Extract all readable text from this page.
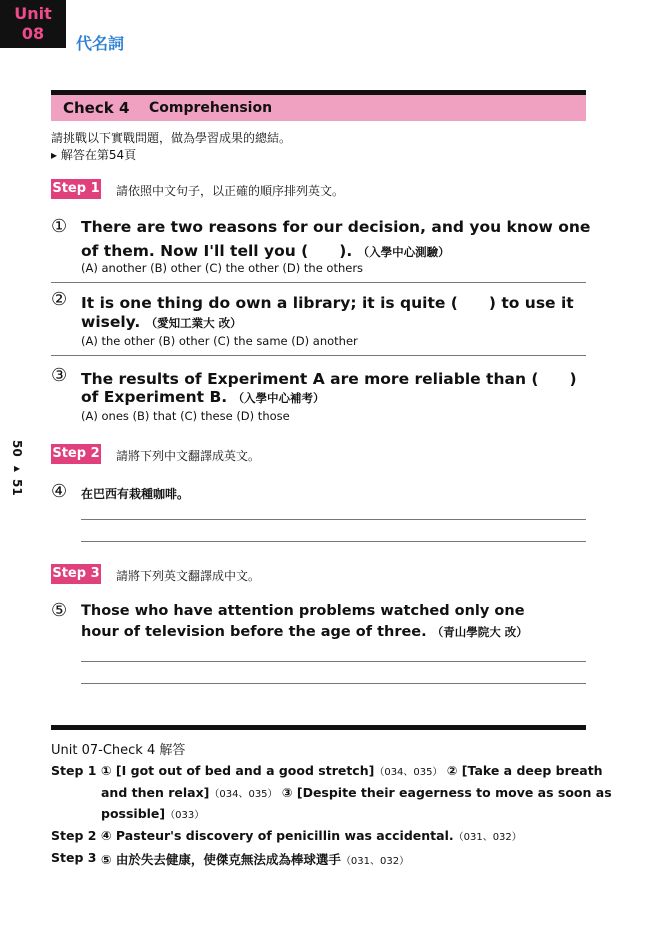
Unit
08
代名詞
Check 4 Comprehension
請挑戰以下實戰問題，做為學習成果的總結。
▸ 解答在第54頁
50 ▸ 51
Step 1 請依照中文句子，以正確的順序排列英文。
① There are two reasons for our decision, and you know one
of them. Now I'll tell you (　　). （入學中心測驗）
(A) another (B) other (C) the other (D) the others
② It is one thing do own a library; it is quite (　　) to use it
wisely. （愛知工業大 改）
(A) the other (B) other (C) the same (D) another
③ The results of Experiment A are more reliable than (　　)
of Experiment B. （入學中心補考）
(A) ones (B) that (C) these (D) those
Step 2 請將下列中文翻譯成英文。
④ 在巴西有栽種咖啡。
Step 3 請將下列英文翻譯成中文。
⑤ Those who have attention problems watched only one
hour of television before the age of three. （青山學院大 改）
Unit 07-Check 4 解答
Step 1 ① [I got out of bed and a good stretch]（034、035） ② [Take a deep breath
and then relax]（034、035） ③ [Despite their eagerness to move as soon as
possible]（033）
Step 2 ④ Pasteur's discovery of penicillin was accidental.（031、032）
Step 3 ⑤ 由於失去健康，使傑克無法成為棒球選手（031、032）
